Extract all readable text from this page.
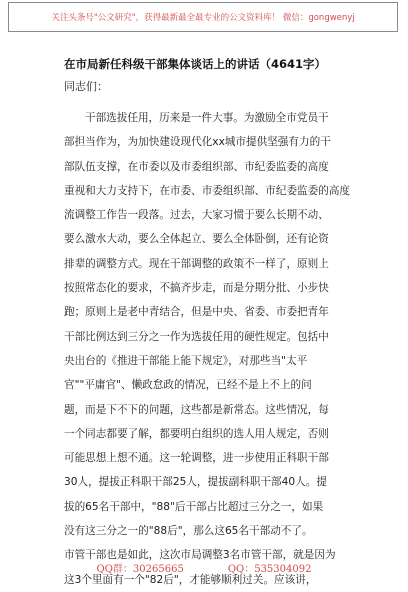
关注头条号"公文研究"，获得最新最全最专业的公文资料库！ 微信：gongwenyj
在市局新任科级干部集体谈话上的讲话（4641字）
同志们：
干部选拔任用，历来是一件大事。为激励全市党员干
部担当作为，为加快建设现代化xx城市提供坚强有力的干
部队伍支撑，在市委以及市委组织部、市纪委监委的高度
重视和大力支持下，在市委、市委组织部、市纪委监委的高度
流调整工作告一段落。过去，大家习惯于要么长期不动、
要么激水大动，要么全体起立、要么全体卧倒，还有论资
排辈的调整方式。现在干部调整的政策不一样了，原则上
按照常态化的要求，不搞齐步走，而是分期分批、小步快
跑；原则上是老中青结合，但是中央、省委、市委把青年
干部比例达到三分之一作为选拔任用的硬性规定。包括中
央出台的《推进干部能上能下规定》，对那些当"太平
官""平庸官"、懒政怠政的情况，已经不是上不上的问
题，而是下不下的问题，这些都是新常态。这些情况，每
一个同志都要了解，都要明白组织的选人用人规定，否则
可能思想上想不通。这一轮调整，进一步使用正科职干部
30人，提拔正科职干部25人，提拔副科职干部40人。提
拔的65名干部中，"88"后干部占比超过三分之一，如果
没有这三分之一的"88后"，那么这65名干部动不了。
市管干部也是如此，这次市局调整3名市管干部，就是因为
这3个里面有一个"82后"，才能够顺利过关。应该讲，
QQ群：30265665	QQ：535304092
